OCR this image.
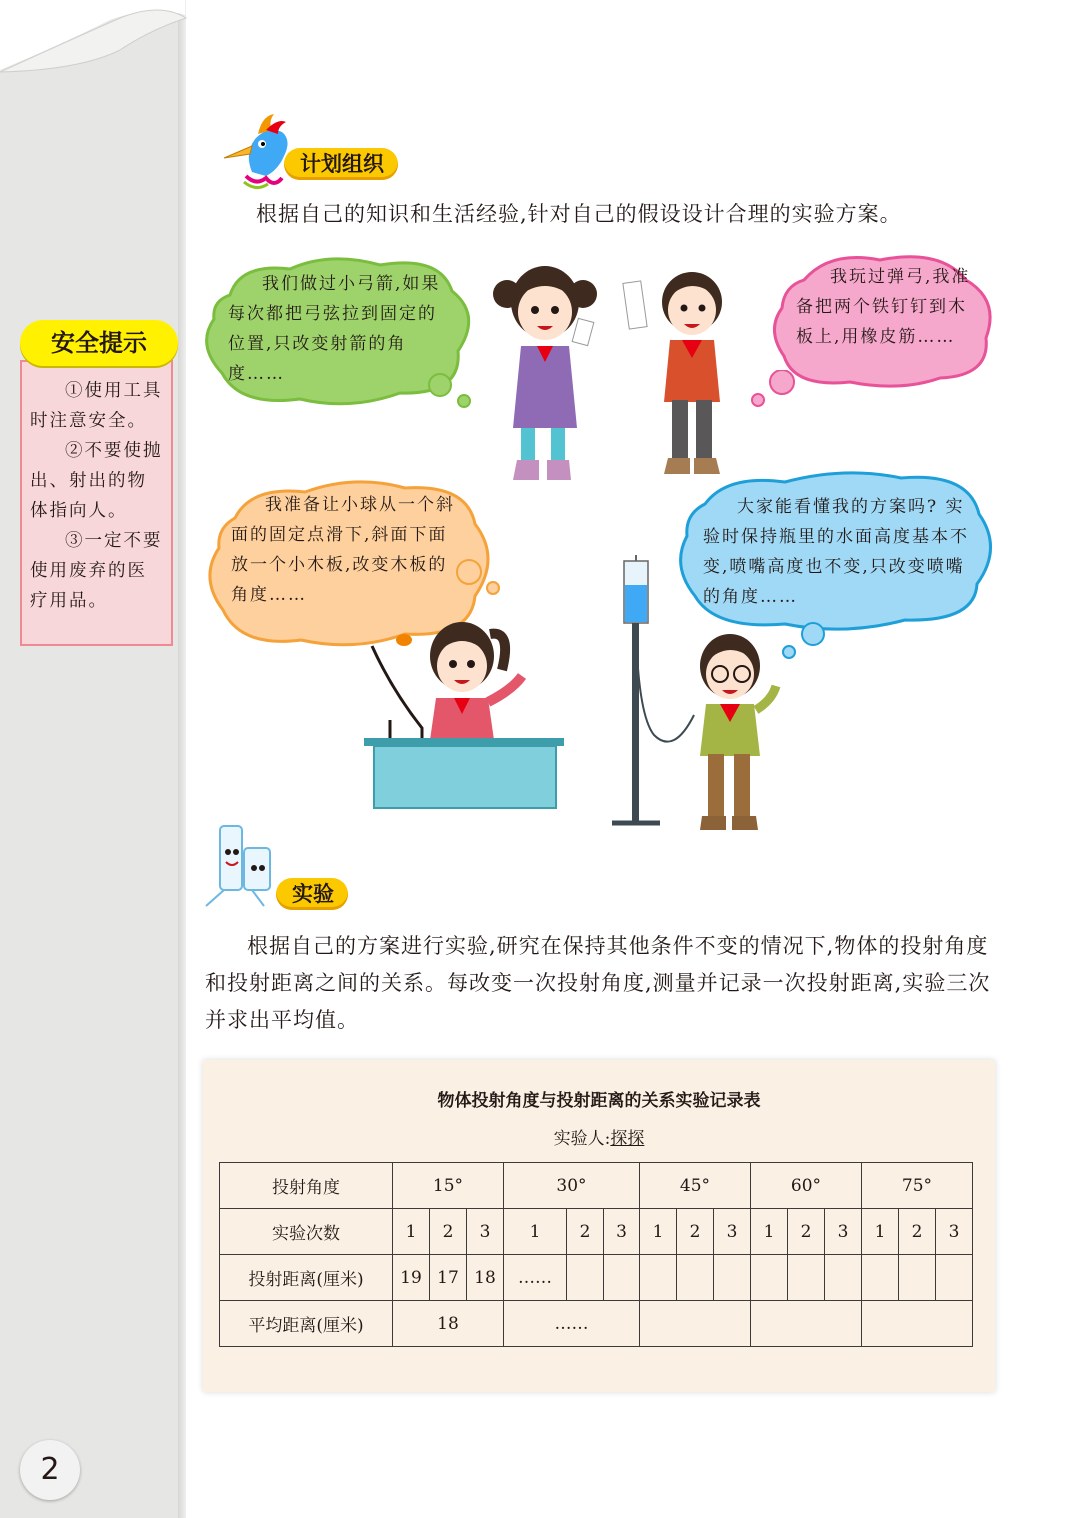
安全提示

①使用工具时注意安全。

②不要使抛出、射出的物体指向人。

③一定不要使用废弃的医疗用品。

计划组织
根据自己的知识和生活经验,针对自己的假设设计合理的实验方案。
我们做过小弓箭,如果每次都把弓弦拉到固定的位置,只改变射箭的角度……
我玩过弹弓,我准备把两个铁钉钉到木板上,用橡皮筋……
我准备让小球从一个斜面的固定点滑下,斜面下面放一个小木板,改变木板的角度……
大家能看懂我的方案吗? 实验时保持瓶里的水面高度基本不变,喷嘴高度也不变,只改变喷嘴的角度……
实验
根据自己的方案进行实验,研究在保持其他条件不变的情况下,物体的投射角度和投射距离之间的关系。每改变一次投射角度,测量并记录一次投射距离,实验三次并求出平均值。
物体投射角度与投射距离的关系实验记录表
实验人:探探
投射角度	15°			30°			45°			60°			75°		
实验次数	1	2	3	1	2	3	1	2	3	1	2	3	1	2	3
投射距离(厘米)	19	17	18	……											
平均距离(厘米)	18			……											
2
